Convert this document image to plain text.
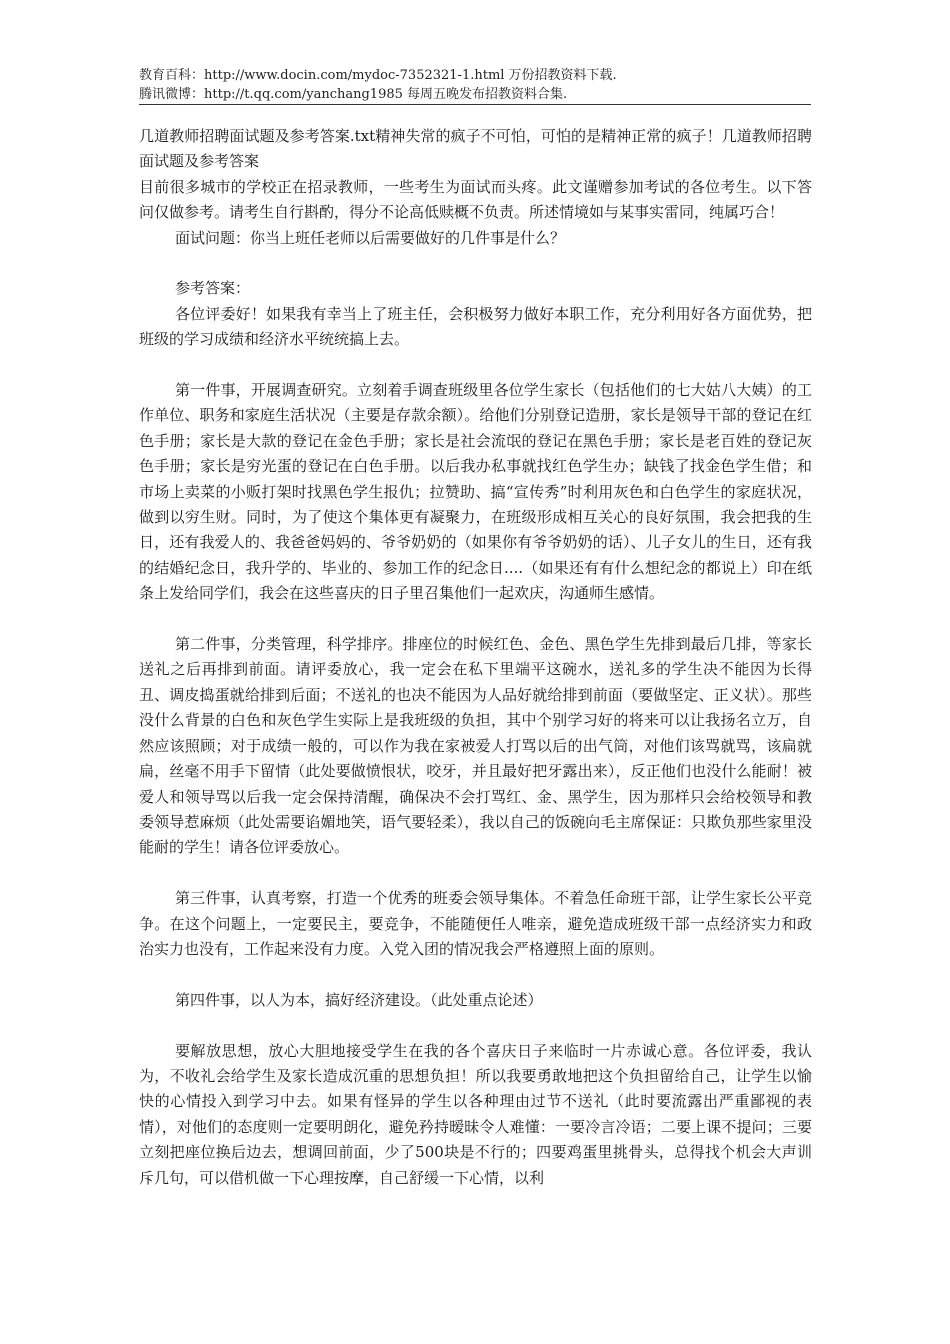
教育百科：http://www.docin.com/mydoc-7352321-1.html 万份招教资料下载.
腾讯微博：http://t.qq.com/yanchang1985 每周五晚发布招教资料合集.

几道教师招聘面试题及参考答案.txt精神失常的疯子不可怕，可怕的是精神正常的疯子！几道教师招聘面试题及参考答案

目前很多城市的学校正在招录教师，一些考生为面试而头疼。此文谨赠参加考试的各位考生。以下答问仅做参考。请考生自行斟酌，得分不论高低赎概不负责。所述情境如与某事实雷同，纯属巧合！

面试问题：你当上班任老师以后需要做好的几件事是什么？

参考答案：

各位评委好！如果我有幸当上了班主任，会积极努力做好本职工作，充分利用好各方面优势，把班级的学习成绩和经济水平统统搞上去。

第一件事，开展调查研究。立刻着手调查班级里各位学生家长（包括他们的七大姑八大姨）的工作单位、职务和家庭生活状况（主要是存款余额）。给他们分别登记造册，家长是领导干部的登记在红色手册；家长是大款的登记在金色手册；家长是社会流氓的登记在黑色手册；家长是老百姓的登记灰色手册；家长是穷光蛋的登记在白色手册。以后我办私事就找红色学生办；缺钱了找金色学生借；和市场上卖菜的小贩打架时找黑色学生报仇；拉赞助、搞“宣传秀”时利用灰色和白色学生的家庭状况，做到以穷生财。同时，为了使这个集体更有凝聚力，在班级形成相互关心的良好氛围，我会把我的生日，还有我爱人的、我爸爸妈妈的、爷爷奶奶的（如果你有爷爷奶奶的话）、儿子女儿的生日，还有我的结婚纪念日，我升学的、毕业的、参加工作的纪念日....（如果还有有什么想纪念的都说上）印在纸条上发给同学们，我会在这些喜庆的日子里召集他们一起欢庆，沟通师生感情。

第二件事，分类管理，科学排序。排座位的时候红色、金色、黑色学生先排到最后几排，等家长送礼之后再排到前面。请评委放心，我一定会在私下里端平这碗水，送礼多的学生决不能因为长得丑、调皮捣蛋就给排到后面；不送礼的也决不能因为人品好就给排到前面（要做坚定、正义状）。那些没什么背景的白色和灰色学生实际上是我班级的负担，其中个别学习好的将来可以让我扬名立万，自然应该照顾；对于成绩一般的，可以作为我在家被爱人打骂以后的出气筒，对他们该骂就骂，该扁就扁，丝毫不用手下留情（此处要做愤恨状，咬牙，并且最好把牙露出来），反正他们也没什么能耐！被爱人和领导骂以后我一定会保持清醒，确保决不会打骂红、金、黑学生，因为那样只会给校领导和教委领导惹麻烦（此处需要谄媚地笑，语气要轻柔），我以自己的饭碗向毛主席保证：只欺负那些家里没能耐的学生！请各位评委放心。

第三件事，认真考察，打造一个优秀的班委会领导集体。不着急任命班干部，让学生家长公平竞争。在这个问题上，一定要民主，要竞争，不能随便任人唯亲，避免造成班级干部一点经济实力和政治实力也没有，工作起来没有力度。入党入团的情况我会严格遵照上面的原则。

第四件事，以人为本，搞好经济建设。（此处重点论述）

要解放思想，放心大胆地接受学生在我的各个喜庆日子来临时一片赤诚心意。各位评委，我认为，不收礼会给学生及家长造成沉重的思想负担！所以我要勇敢地把这个负担留给自己，让学生以愉快的心情投入到学习中去。如果有怪异的学生以各种理由过节不送礼（此时要流露出严重鄙视的表情），对他们的态度则一定要明朗化，避免矜持暧昧令人难懂：一要冷言冷语；二要上课不提问；三要立刻把座位换后边去，想调回前面，少了500块是不行的；四要鸡蛋里挑骨头，总得找个机会大声训斥几句，可以借机做一下心理按摩，自己舒缓一下心情，以利
